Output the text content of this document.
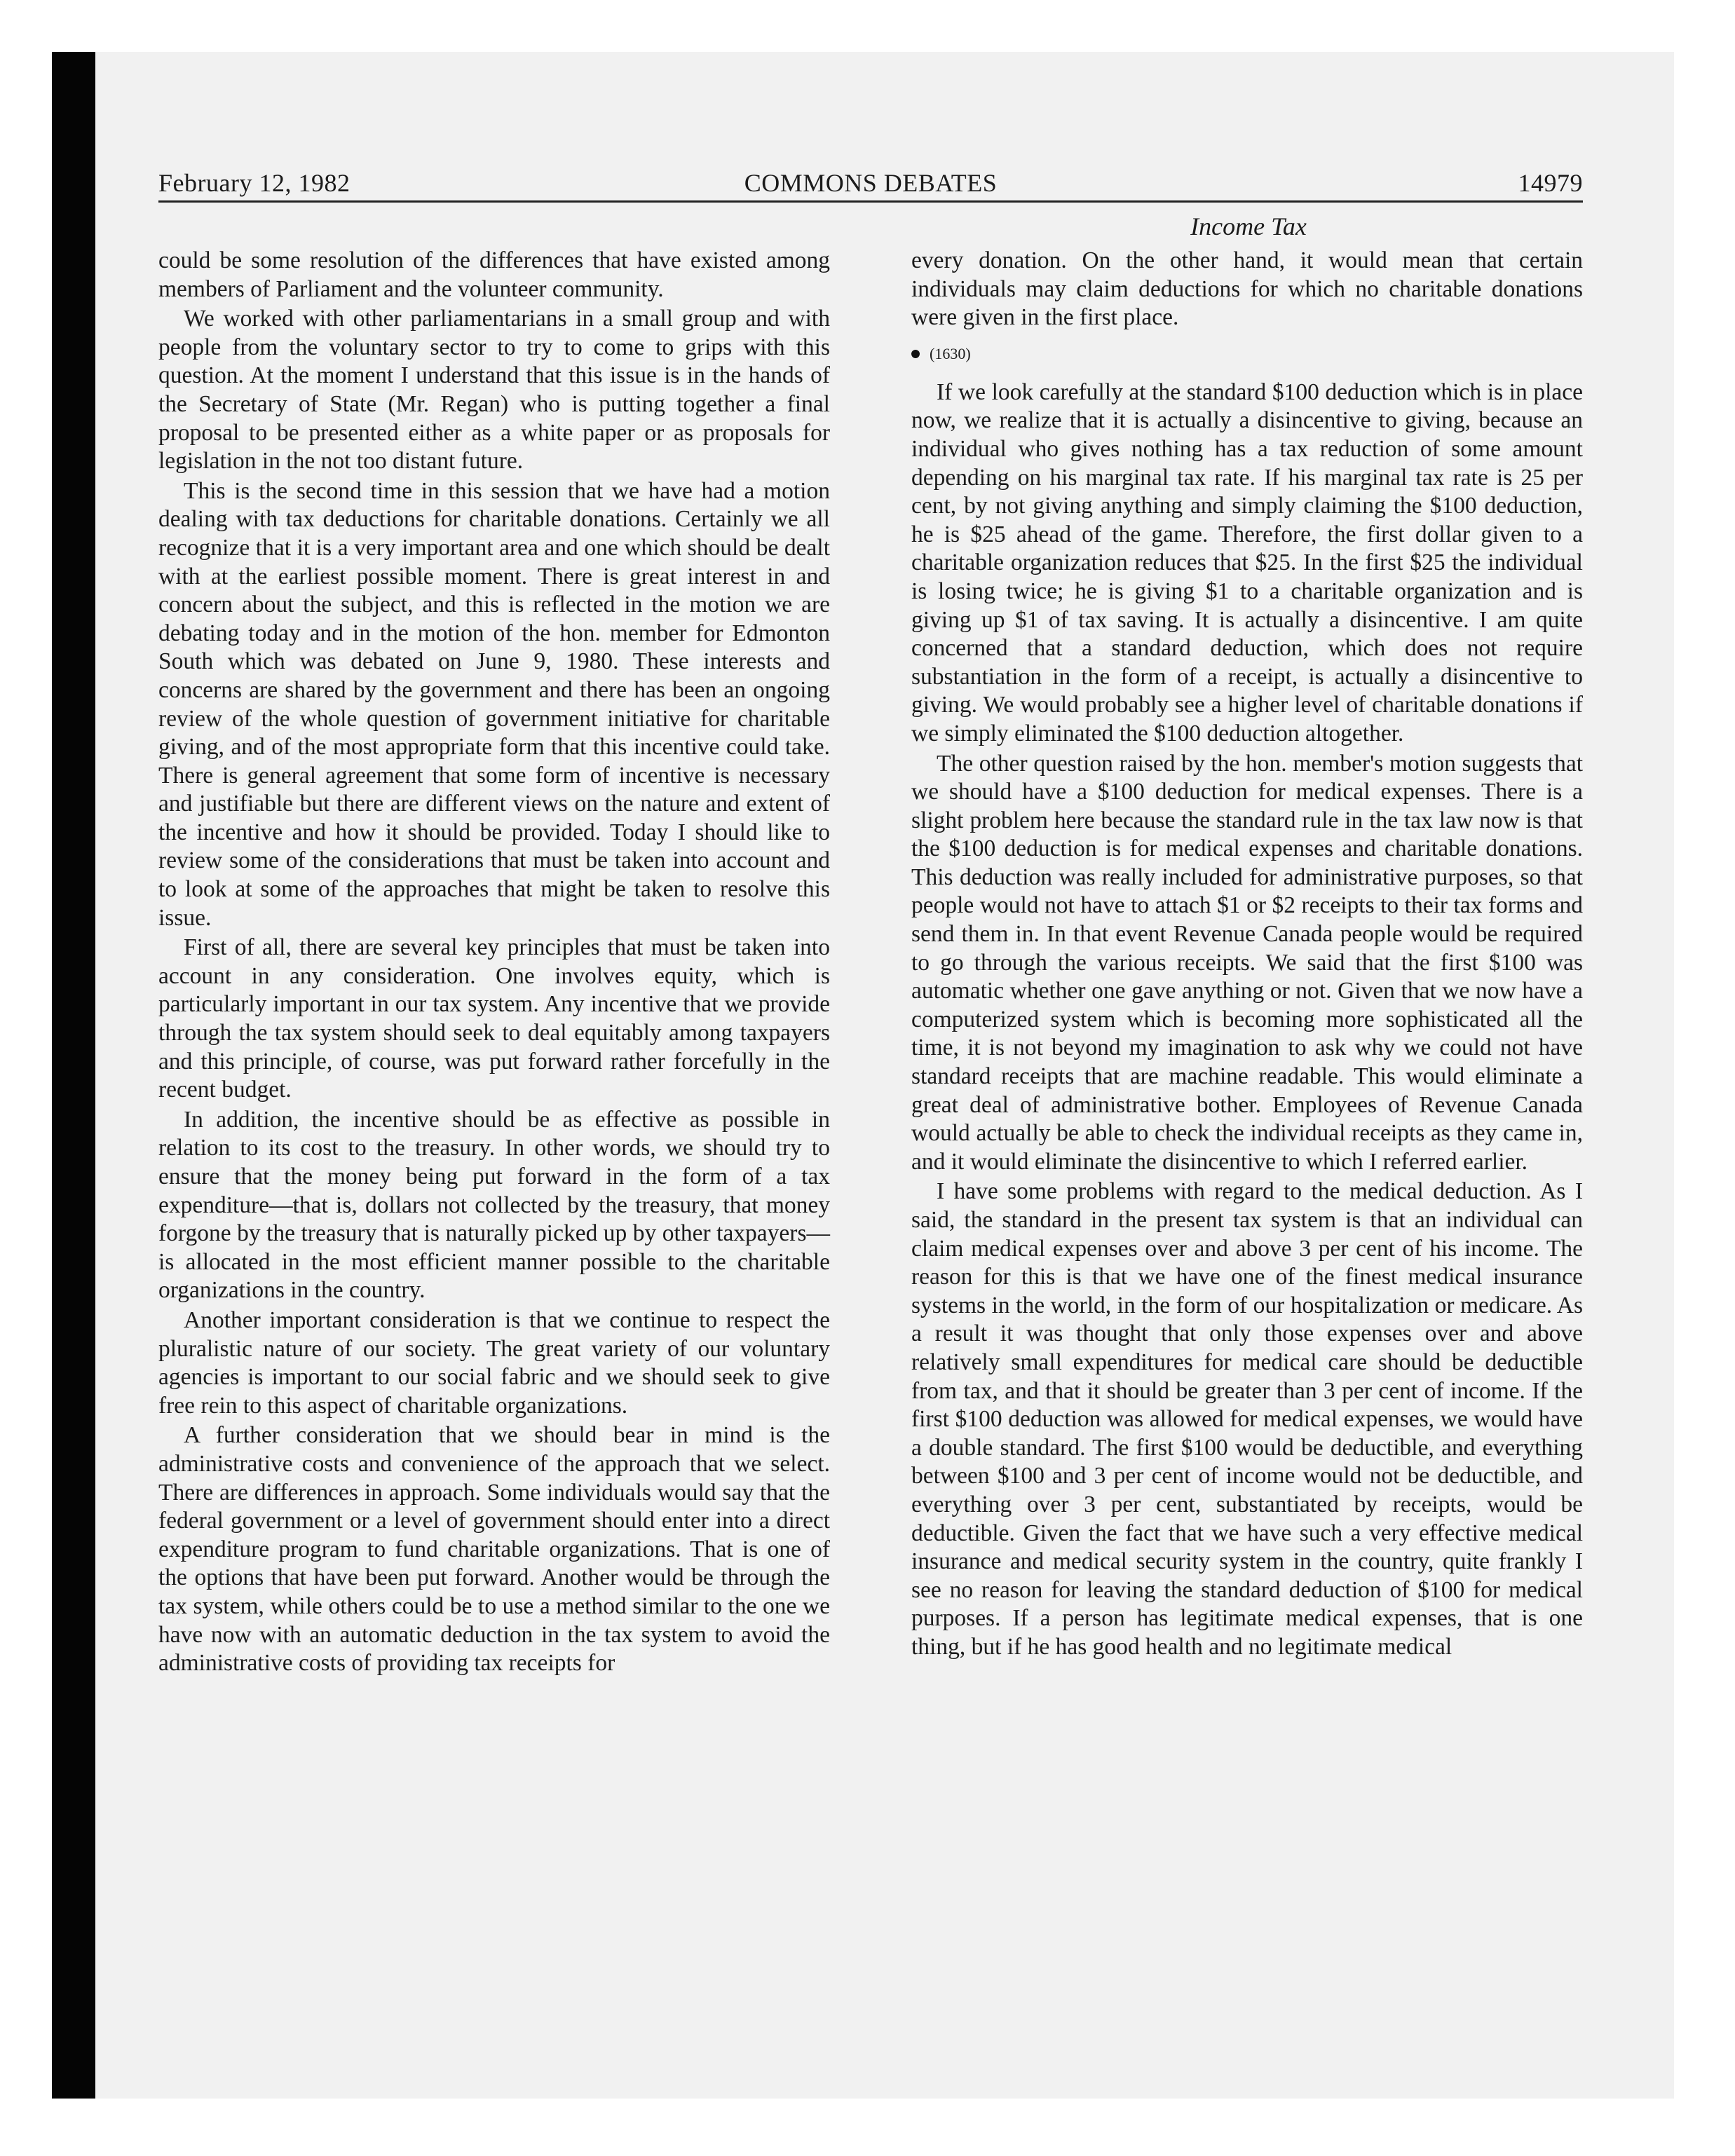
February 12, 1982	COMMONS DEBATES	14979
Income Tax

could be some resolution of the differences that have existed among members of Parliament and the volunteer community.

We worked with other parliamentarians in a small group and with people from the voluntary sector to try to come to grips with this question. At the moment I understand that this issue is in the hands of the Secretary of State (Mr. Regan) who is putting together a final proposal to be presented either as a white paper or as proposals for legislation in the not too distant future.

This is the second time in this session that we have had a motion dealing with tax deductions for charitable donations. Certainly we all recognize that it is a very important area and one which should be dealt with at the earliest possible moment. There is great interest in and concern about the subject, and this is reflected in the motion we are debating today and in the motion of the hon. member for Edmonton South which was debated on June 9, 1980. These interests and concerns are shared by the government and there has been an ongoing review of the whole question of government initiative for charitable giving, and of the most appropriate form that this incentive could take. There is general agreement that some form of incentive is necessary and justifiable but there are different views on the nature and extent of the incentive and how it should be provided. Today I should like to review some of the considerations that must be taken into account and to look at some of the approaches that might be taken to resolve this issue.

First of all, there are several key principles that must be taken into account in any consideration. One involves equity, which is particularly important in our tax system. Any incentive that we provide through the tax system should seek to deal equitably among taxpayers and this principle, of course, was put forward rather forcefully in the recent budget.

In addition, the incentive should be as effective as possible in relation to its cost to the treasury. In other words, we should try to ensure that the money being put forward in the form of a tax expenditure—that is, dollars not collected by the treasury, that money forgone by the treasury that is naturally picked up by other taxpayers—is allocated in the most efficient manner possible to the charitable organizations in the country.

Another important consideration is that we continue to respect the pluralistic nature of our society. The great variety of our voluntary agencies is important to our social fabric and we should seek to give free rein to this aspect of charitable organizations.

A further consideration that we should bear in mind is the administrative costs and convenience of the approach that we select. There are differences in approach. Some individuals would say that the federal government or a level of government should enter into a direct expenditure program to fund charitable organizations. That is one of the options that have been put forward. Another would be through the tax system, while others could be to use a method similar to the one we have now with an automatic deduction in the tax system to avoid the administrative costs of providing tax receipts for

every donation. On the other hand, it would mean that certain individuals may claim deductions for which no charitable donations were given in the first place.

(1630)

If we look carefully at the standard $100 deduction which is in place now, we realize that it is actually a disincentive to giving, because an individual who gives nothing has a tax reduction of some amount depending on his marginal tax rate. If his marginal tax rate is 25 per cent, by not giving anything and simply claiming the $100 deduction, he is $25 ahead of the game. Therefore, the first dollar given to a charitable organization reduces that $25. In the first $25 the individual is losing twice; he is giving $1 to a charitable organization and is giving up $1 of tax saving. It is actually a disincentive. I am quite concerned that a standard deduction, which does not require substantiation in the form of a receipt, is actually a disincentive to giving. We would probably see a higher level of charitable donations if we simply eliminated the $100 deduction altogether.

The other question raised by the hon. member's motion suggests that we should have a $100 deduction for medical expenses. There is a slight problem here because the standard rule in the tax law now is that the $100 deduction is for medical expenses and charitable donations. This deduction was really included for administrative purposes, so that people would not have to attach $1 or $2 receipts to their tax forms and send them in. In that event Revenue Canada people would be required to go through the various receipts. We said that the first $100 was automatic whether one gave anything or not. Given that we now have a computerized system which is becoming more sophisticated all the time, it is not beyond my imagination to ask why we could not have standard receipts that are machine readable. This would eliminate a great deal of administrative bother. Employees of Revenue Canada would actually be able to check the individual receipts as they came in, and it would eliminate the disincentive to which I referred earlier.

I have some problems with regard to the medical deduction. As I said, the standard in the present tax system is that an individual can claim medical expenses over and above 3 per cent of his income. The reason for this is that we have one of the finest medical insurance systems in the world, in the form of our hospitalization or medicare. As a result it was thought that only those expenses over and above relatively small expenditures for medical care should be deductible from tax, and that it should be greater than 3 per cent of income. If the first $100 deduction was allowed for medical expenses, we would have a double standard. The first $100 would be deductible, and everything between $100 and 3 per cent of income would not be deductible, and everything over 3 per cent, substantiated by receipts, would be deductible. Given the fact that we have such a very effective medical insurance and medical security system in the country, quite frankly I see no reason for leaving the standard deduction of $100 for medical purposes. If a person has legitimate medical expenses, that is one thing, but if he has good health and no legitimate medical
